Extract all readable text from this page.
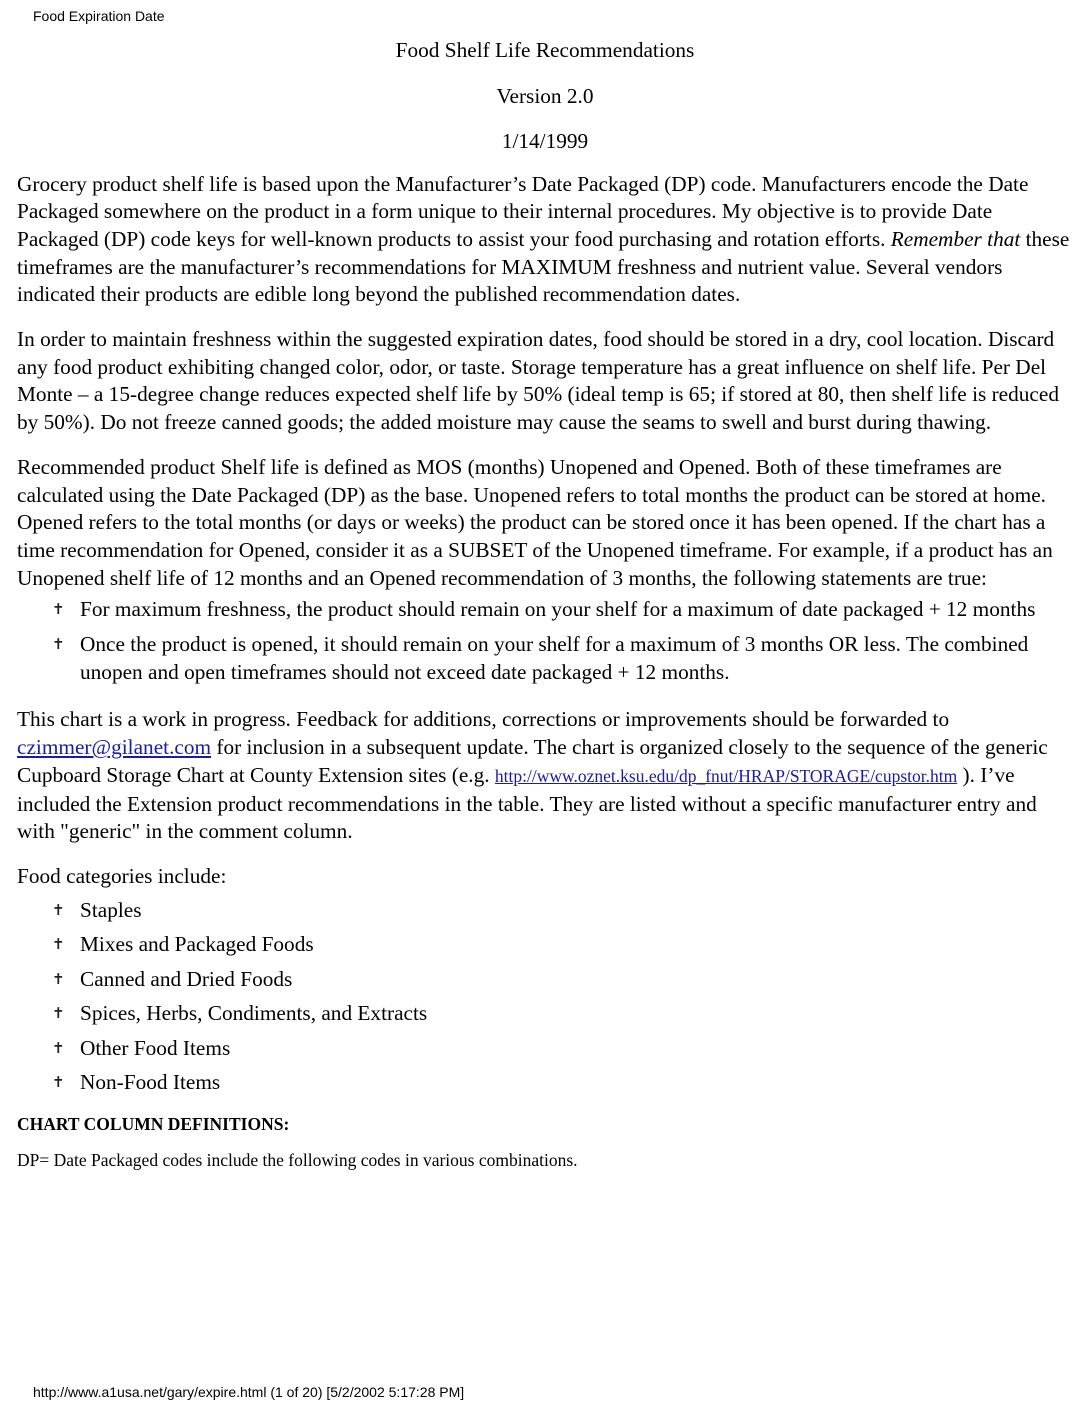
Food Expiration Date
Food Shelf Life Recommendations
Version 2.0
1/14/1999

Grocery product shelf life is based upon the Manufacturer’s Date Packaged (DP) code. Manufacturers encode the Date Packaged somewhere on the product in a form unique to their internal procedures. My objective is to provide Date Packaged (DP) code keys for well-known products to assist your food purchasing and rotation efforts. Remember that these timeframes are the manufacturer’s recommendations for MAXIMUM freshness and nutrient value. Several vendors indicated their products are edible long beyond the published recommendation dates.

In order to maintain freshness within the suggested expiration dates, food should be stored in a dry, cool location. Discard any food product exhibiting changed color, odor, or taste. Storage temperature has a great influence on shelf life. Per Del Monte – a 15-degree change reduces expected shelf life by 50% (ideal temp is 65; if stored at 80, then shelf life is reduced by 50%). Do not freeze canned goods; the added moisture may cause the seams to swell and burst during thawing.

Recommended product Shelf life is defined as MOS (months) Unopened and Opened. Both of these timeframes are calculated using the Date Packaged (DP) as the base. Unopened refers to total months the product can be stored at home. Opened refers to the total months (or days or weeks) the product can be stored once it has been opened. If the chart has a time recommendation for Opened, consider it as a SUBSET of the Unopened timeframe. For example, if a product has an Unopened shelf life of 12 months and an Opened recommendation of 3 months, the following statements are true:

✝ For maximum freshness, the product should remain on your shelf for a maximum of date packaged + 12 months
✝ Once the product is opened, it should remain on your shelf for a maximum of 3 months OR less. The combined unopen and open timeframes should not exceed date packaged + 12 months.

This chart is a work in progress. Feedback for additions, corrections or improvements should be forwarded to czimmer@gilanet.com for inclusion in a subsequent update. The chart is organized closely to the sequence of the generic Cupboard Storage Chart at County Extension sites (e.g. http://www.oznet.ksu.edu/dp_fnut/HRAP/STORAGE/cupstor.htm ). I’ve included the Extension product recommendations in the table. They are listed without a specific manufacturer entry and with "generic" in the comment column.

Food categories include:

✝ Staples
✝ Mixes and Packaged Foods
✝ Canned and Dried Foods
✝ Spices, Herbs, Condiments, and Extracts
✝ Other Food Items
✝ Non-Food Items
CHART COLUMN DEFINITIONS:

DP= Date Packaged codes include the following codes in various combinations.

http://www.a1usa.net/gary/expire.html (1 of 20) [5/2/2002 5:17:28 PM]
